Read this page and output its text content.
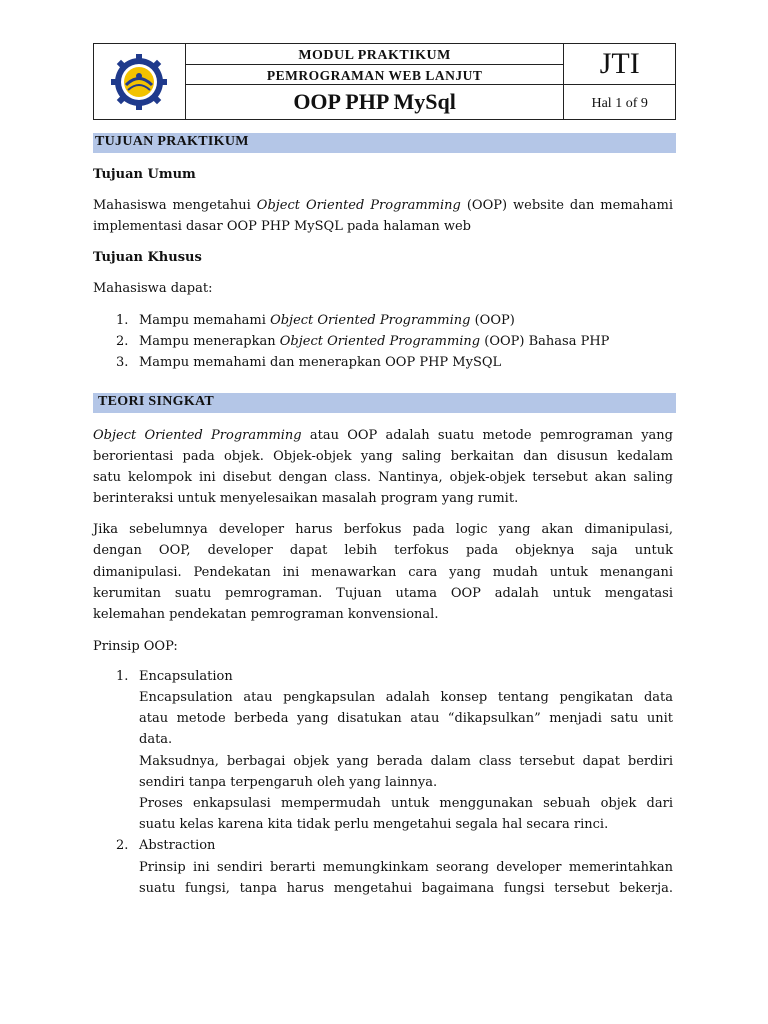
	MODUL PRAKTIKUM	JTI
	PEMROGRAMAN WEB LANJUT	
	OOP PHP MySql	Hal 1 of 9
TUJUAN PRAKTIKUM
Tujuan Umum
Mahasiswa mengetahui Object Oriented Programming (OOP) website dan memahami
implementasi dasar OOP PHP MySQL pada halaman web
Tujuan Khusus
Mahasiswa dapat:
1. Mampu memahami Object Oriented Programming (OOP)
2. Mampu menerapkan Object Oriented Programming (OOP) Bahasa PHP
3. Mampu memahami dan menerapkan OOP PHP MySQL
TEORI SINGKAT
Object Oriented Programming atau OOP adalah suatu metode pemrograman yang
berorientasi pada objek. Objek-objek yang saling berkaitan dan disusun kedalam
satu kelompok ini disebut dengan class. Nantinya, objek-objek tersebut akan saling
berinteraksi untuk menyelesaikan masalah program yang rumit.
Jika sebelumnya developer harus berfokus pada logic yang akan dimanipulasi,
dengan OOP, developer dapat lebih terfokus pada objeknya saja untuk
dimanipulasi. Pendekatan ini menawarkan cara yang mudah untuk menangani
kerumitan suatu pemrograman. Tujuan utama OOP adalah untuk mengatasi
kelemahan pendekatan pemrograman konvensional.
Prinsip OOP:
1. Encapsulation
Encapsulation atau pengkapsulan adalah konsep tentang pengikatan data
atau metode berbeda yang disatukan atau “dikapsulkan” menjadi satu unit
data.
Maksudnya, berbagai objek yang berada dalam class tersebut dapat berdiri
sendiri tanpa terpengaruh oleh yang lainnya.
Proses enkapsulasi mempermudah untuk menggunakan sebuah objek dari
suatu kelas karena kita tidak perlu mengetahui segala hal secara rinci.
2. Abstraction
Prinsip ini sendiri berarti memungkinkam seorang developer memerintahkan
suatu fungsi, tanpa harus mengetahui bagaimana fungsi tersebut bekerja.
